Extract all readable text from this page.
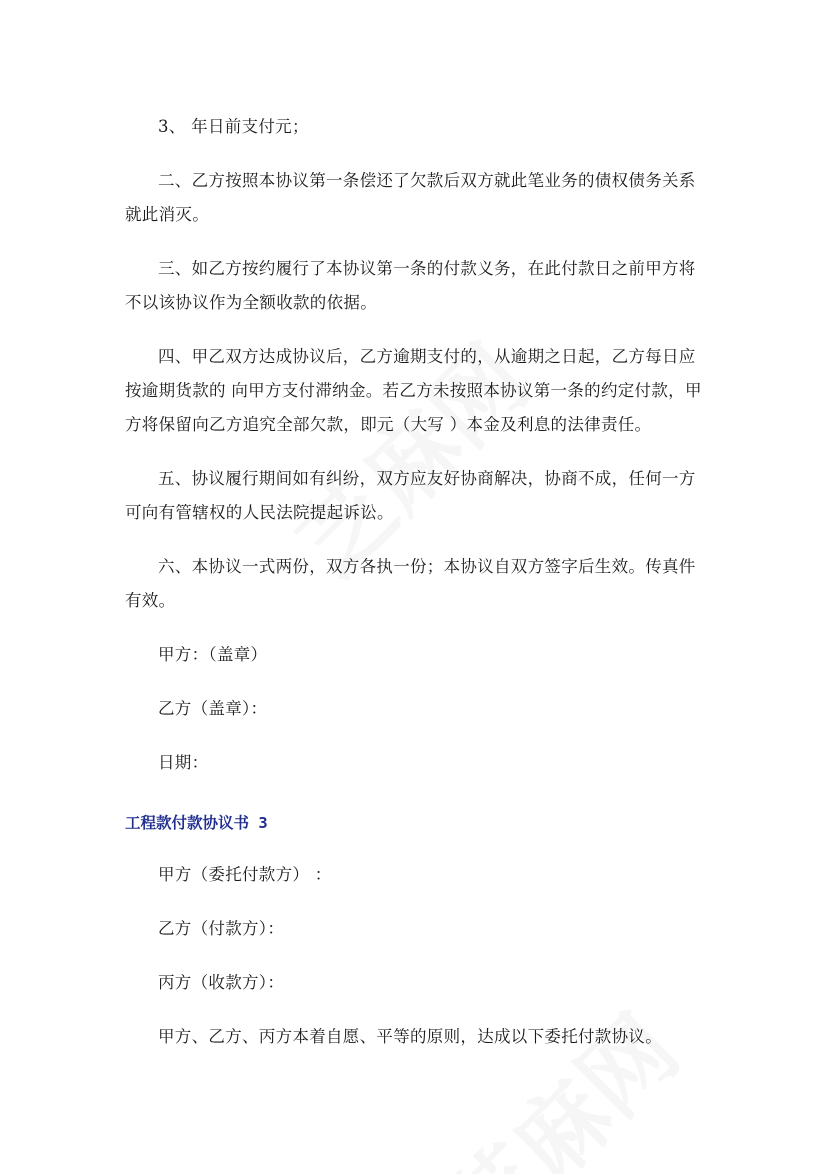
3、 年日前支付元；

二、乙方按照本协议第一条偿还了欠款后双方就此笔业务的债权债务关系就此消灭。

三、如乙方按约履行了本协议第一条的付款义务，在此付款日之前甲方将不以该协议作为全额收款的依据。

四、甲乙双方达成协议后，乙方逾期支付的，从逾期之日起，乙方每日应按逾期货款的 向甲方支付滞纳金。若乙方未按照本协议第一条的约定付款，甲方将保留向乙方追究全部欠款，即元（大写 ）本金及利息的法律责任。

五、协议履行期间如有纠纷，双方应友好协商解决，协商不成，任何一方可向有管辖权的人民法院提起诉讼。

六、本协议一式两份，双方各执一份；本协议自双方签字后生效。传真件有效。

甲方：（盖章）

乙方（盖章）：

日期：

工程款付款协议书 3

甲方（委托付款方） ：

乙方（付款方）：

丙方（收款方）：

甲方、乙方、丙方本着自愿、平等的原则，达成以下委托付款协议。
